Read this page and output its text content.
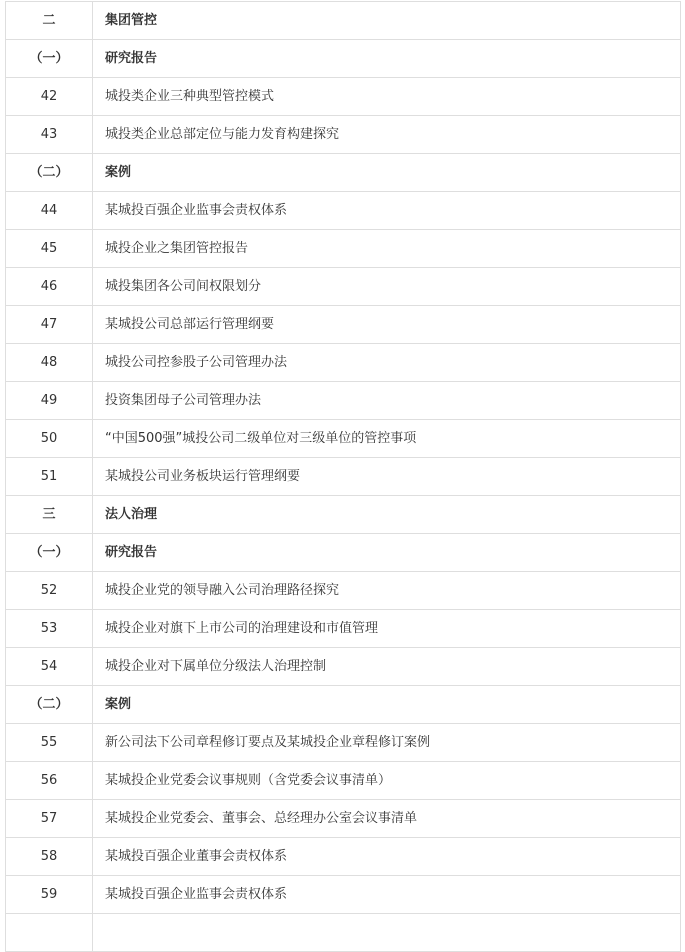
二	集团管控
（一）	研究报告
42	城投类企业三种典型管控模式
43	城投类企业总部定位与能力发育构建探究
（二）	案例
44	某城投百强企业监事会责权体系
45	城投企业之集团管控报告
46	城投集团各公司间权限划分
47	某城投公司总部运行管理纲要
48	城投公司控参股子公司管理办法
49	投资集团母子公司管理办法
50	“中国500强”城投公司二级单位对三级单位的管控事项
51	某城投公司业务板块运行管理纲要
三	法人治理
（一）	研究报告
52	城投企业党的领导融入公司治理路径探究
53	城投企业对旗下上市公司的治理建设和市值管理
54	城投企业对下属单位分级法人治理控制
（二）	案例
55	新公司法下公司章程修订要点及某城投企业章程修订案例
56	某城投企业党委会议事规则（含党委会议事清单）
57	某城投企业党委会、董事会、总经理办公室会议事清单
58	某城投百强企业董事会责权体系
59	某城投百强企业监事会责权体系
